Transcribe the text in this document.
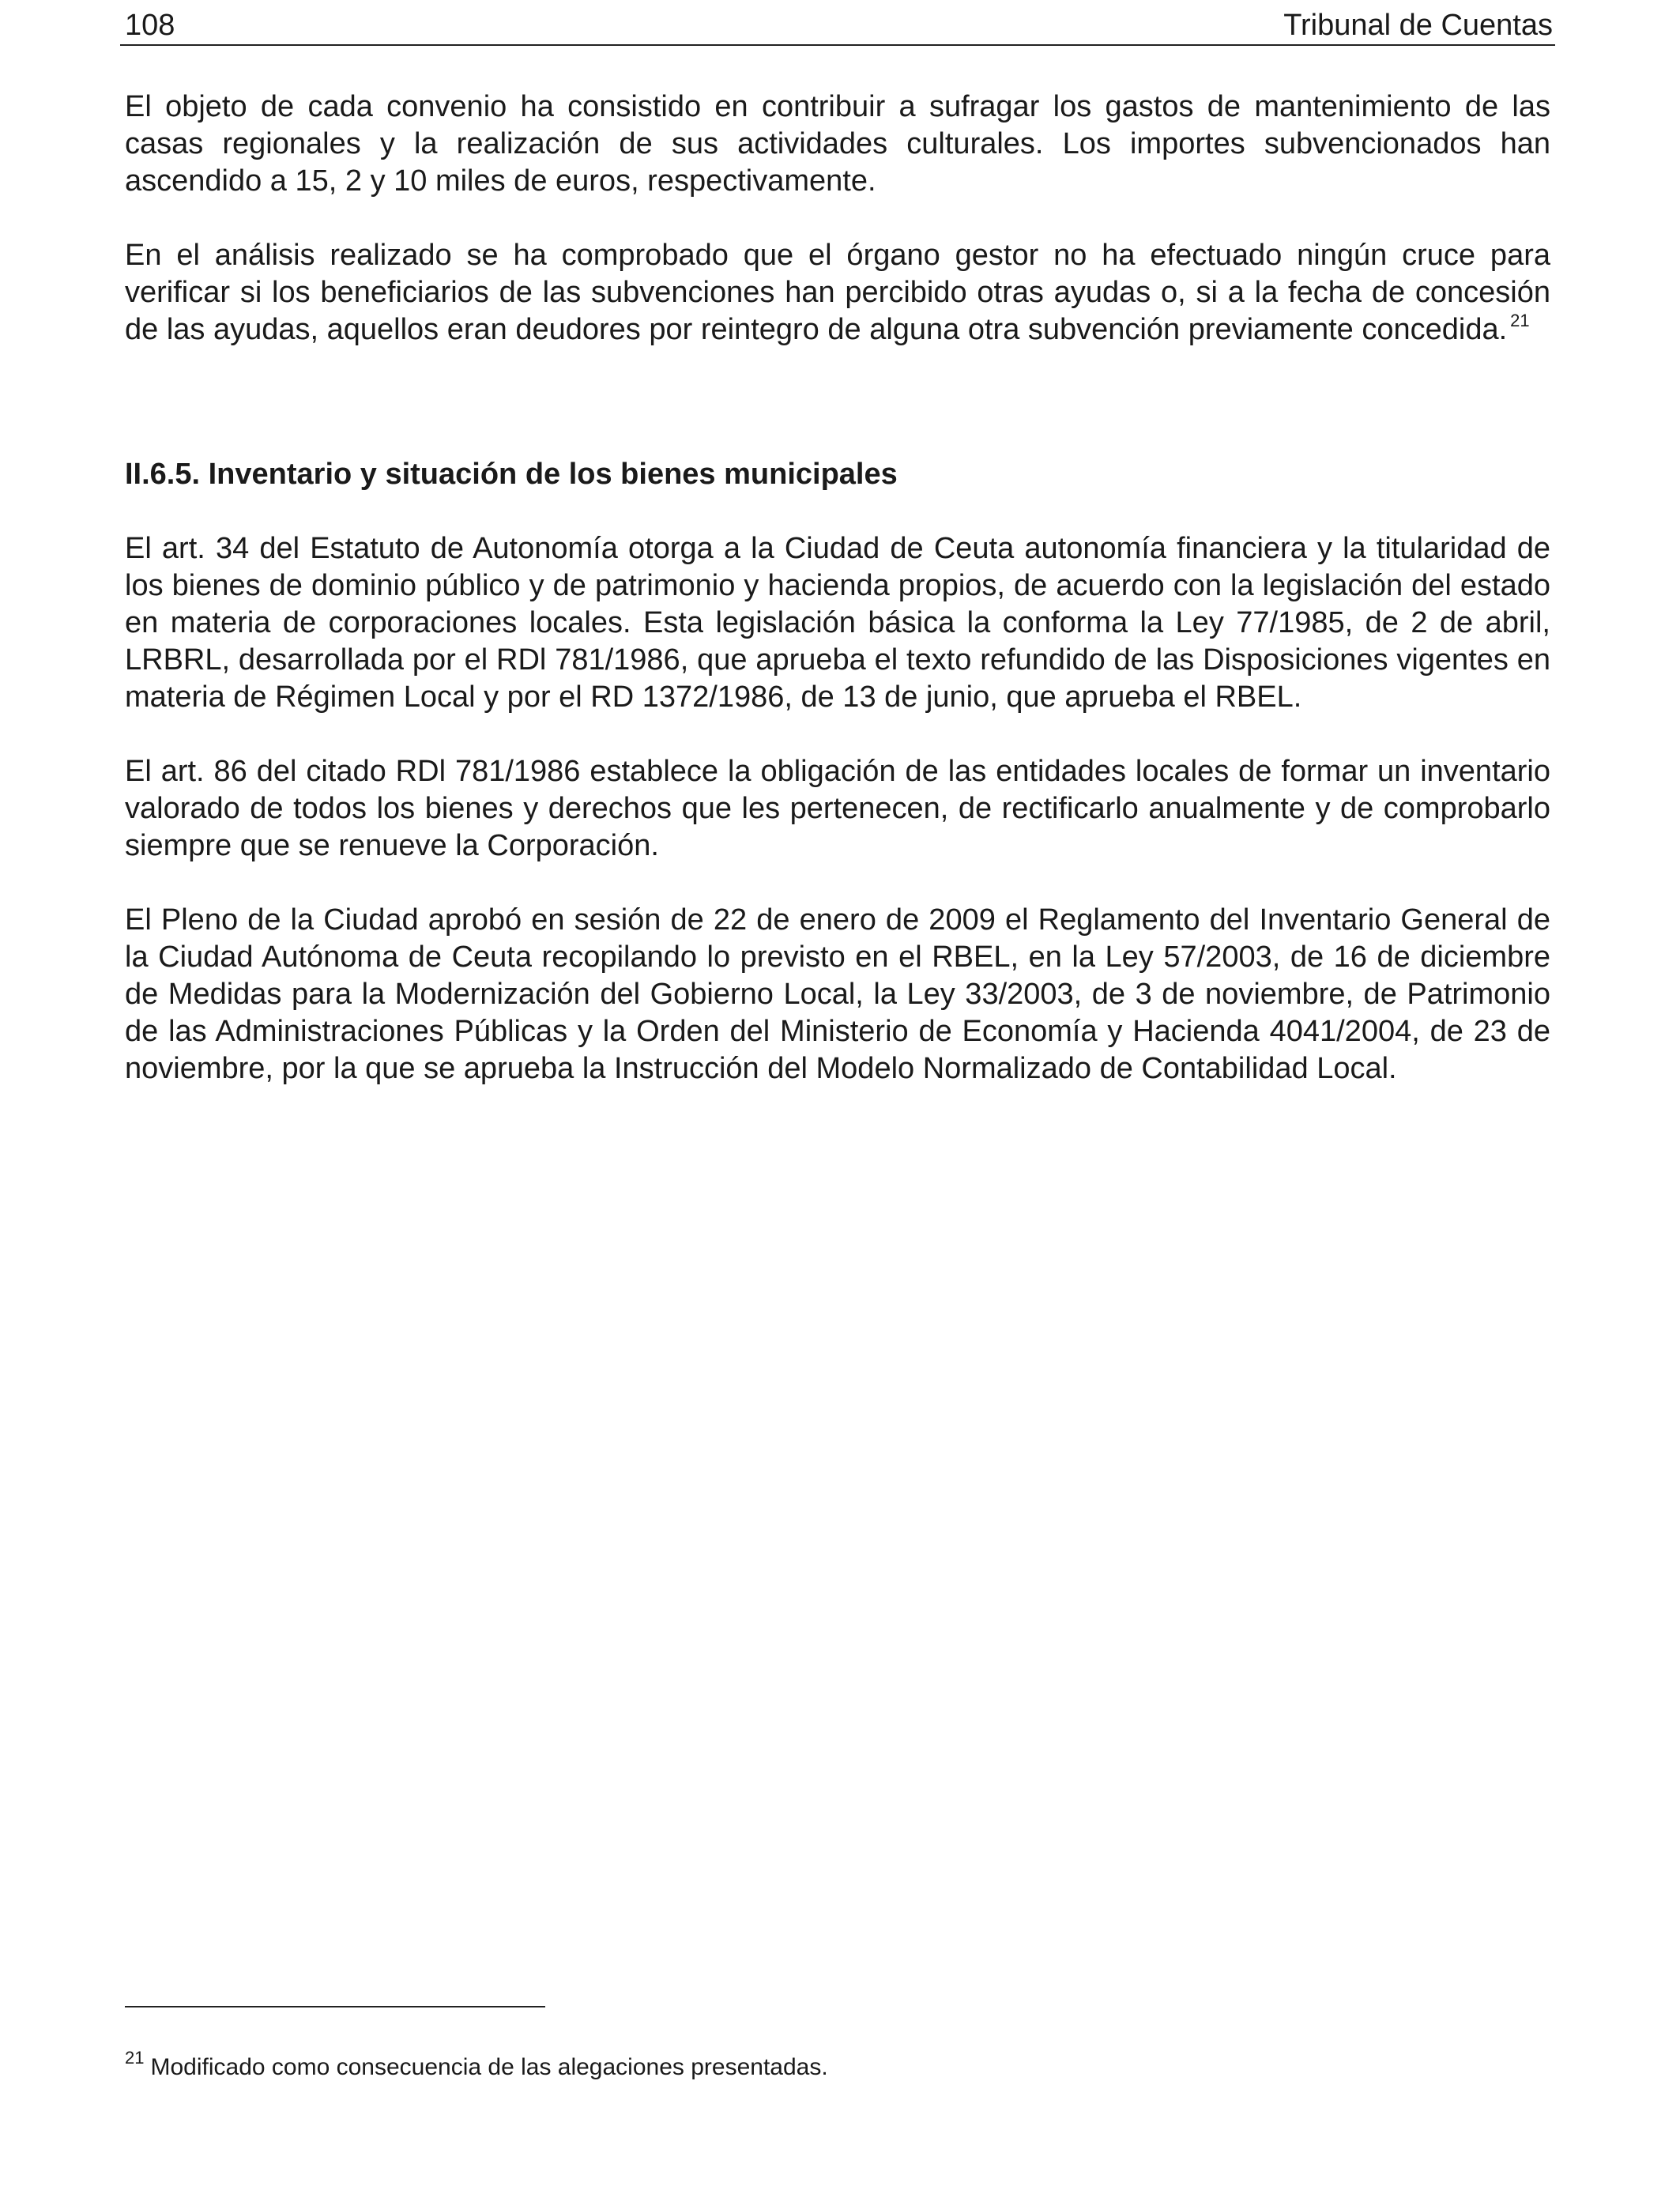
108	Tribunal de Cuentas

El objeto de cada convenio ha consistido en contribuir a sufragar los gastos de mantenimiento de las casas regionales y la realización de sus actividades culturales. Los importes subvencionados han ascendido a 15, 2 y 10 miles de euros, respectivamente.

En el análisis realizado se ha comprobado que el órgano gestor no ha efectuado ningún cruce para verificar si los beneficiarios de las subvenciones han percibido otras ayudas o, si a la fecha de concesión de las ayudas, aquellos eran deudores por reintegro de alguna otra subvención previamente concedida. $^{21}$

II.6.5. Inventario y situación de los bienes municipales

El art. 34 del Estatuto de Autonomía otorga a la Ciudad de Ceuta autonomía financiera y la titularidad de los bienes de dominio público y de patrimonio y hacienda propios, de acuerdo con la legislación del estado en materia de corporaciones locales. Esta legislación básica la conforma la Ley 77/1985, de 2 de abril, LRBRL, desarrollada por el RDl 781/1986, que aprueba el texto refundido de las Disposiciones vigentes en materia de Régimen Local y por el RD 1372/1986, de 13 de junio, que aprueba el RBEL.

El art. 86 del citado RDl 781/1986 establece la obligación de las entidades locales de formar un inventario valorado de todos los bienes y derechos que les pertenecen, de rectificarlo anualmente y de comprobarlo siempre que se renueve la Corporación.

El Pleno de la Ciudad aprobó en sesión de 22 de enero de 2009 el Reglamento del Inventario General de la Ciudad Autónoma de Ceuta recopilando lo previsto en el RBEL, en la Ley 57/2003, de 16 de diciembre de Medidas para la Modernización del Gobierno Local, la Ley 33/2003, de 3 de noviembre, de Patrimonio de las Administraciones Públicas y la Orden del Ministerio de Economía y Hacienda 4041/2004, de 23 de noviembre, por la que se aprueba la Instrucción del Modelo Normalizado de Contabilidad Local.

$^{21}$ Modificado como consecuencia de las alegaciones presentadas.
